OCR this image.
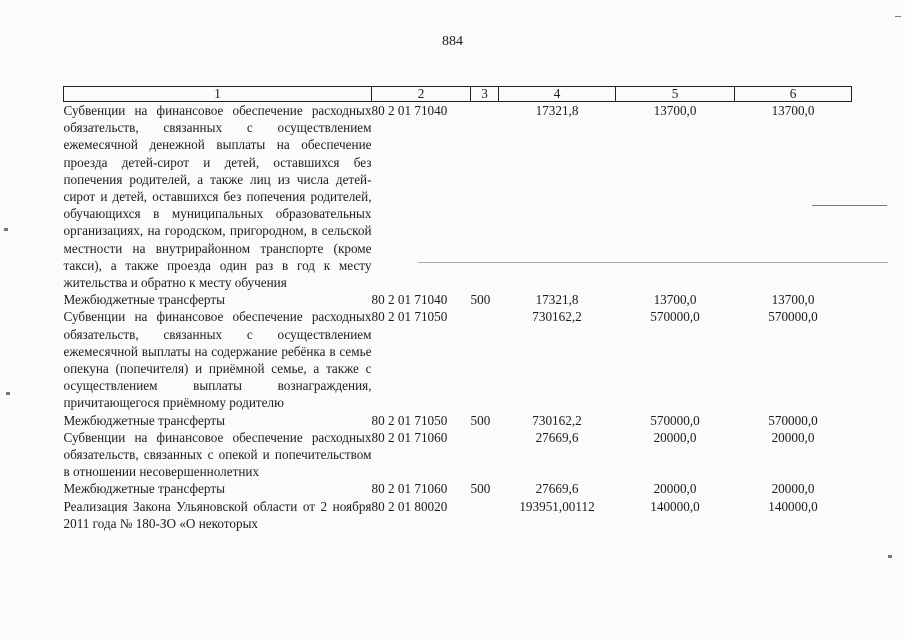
884
1	2	3	4	5	6
Субвенции на финансовое обеспечение расходных обязательств, связанных с осуществлением ежемесячной денежной выплаты на обеспечение проезда детей-сирот и детей, оставшихся без попечения родителей, а также лиц из числа детей-сирот и детей, оставшихся без попечения родителей, обучающихся в муниципальных образовательных организациях, на городском, пригородном, в сельской местности на внутрирайонном транспорте (кроме такси), а также проезда один раз в год к месту жительства и обратно к месту обучения	80 2 01 71040		17321,8	13700,0	13700,0
Межбюджетные трансферты	80 2 01 71040	500	17321,8	13700,0	13700,0
Субвенции на финансовое обеспечение расходных обязательств, связанных с осуществлением ежемесячной выплаты на содержание ребёнка в семье опекуна (попечителя) и приёмной семье, а также с осуществлением выплаты вознаграждения, причитающегося приёмному родителю	80 2 01 71050		730162,2	570000,0	570000,0
Межбюджетные трансферты	80 2 01 71050	500	730162,2	570000,0	570000,0
Субвенции на финансовое обеспечение расходных обязательств, связанных с опекой и попечительством в отношении несовершеннолетних	80 2 01 71060		27669,6	20000,0	20000,0
Межбюджетные трансферты	80 2 01 71060	500	27669,6	20000,0	20000,0
Реализация Закона Ульяновской области от 2 ноября 2011 года № 180-ЗО «О некоторых	80 2 01 80020		193951,00112	140000,0	140000,0
